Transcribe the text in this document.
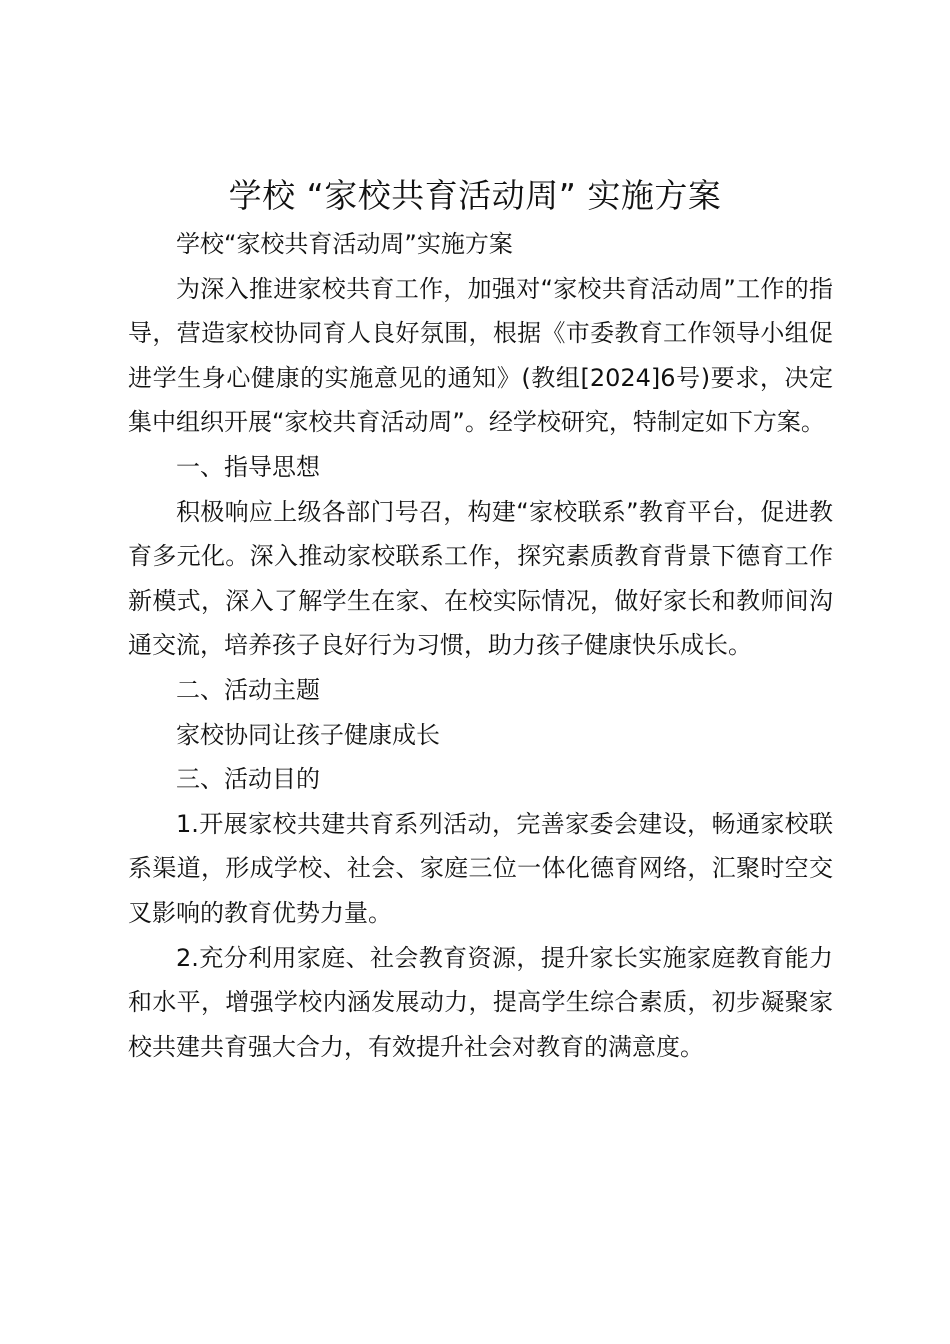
学校 “家校共育活动周” 实施方案

学校“家校共育活动周”实施方案

为深入推进家校共育工作，加强对“家校共育活动周”工作的指导，营造家校协同育人良好氛围，根据《市委教育工作领导小组促进学生身心健康的实施意见的通知》(教组[2024]6号)要求，决定集中组织开展“家校共育活动周”。经学校研究，特制定如下方案。

一、指导思想

积极响应上级各部门号召，构建“家校联系”教育平台，促进教育多元化。深入推动家校联系工作，探究素质教育背景下德育工作新模式，深入了解学生在家、在校实际情况，做好家长和教师间沟通交流，培养孩子良好行为习惯，助力孩子健康快乐成长。

二、活动主题

家校协同让孩子健康成长

三、活动目的

1.开展家校共建共育系列活动，完善家委会建设，畅通家校联系渠道，形成学校、社会、家庭三位一体化德育网络，汇聚时空交叉影响的教育优势力量。

2.充分利用家庭、社会教育资源，提升家长实施家庭教育能力和水平，增强学校内涵发展动力，提高学生综合素质，初步凝聚家校共建共育强大合力，有效提升社会对教育的满意度。
